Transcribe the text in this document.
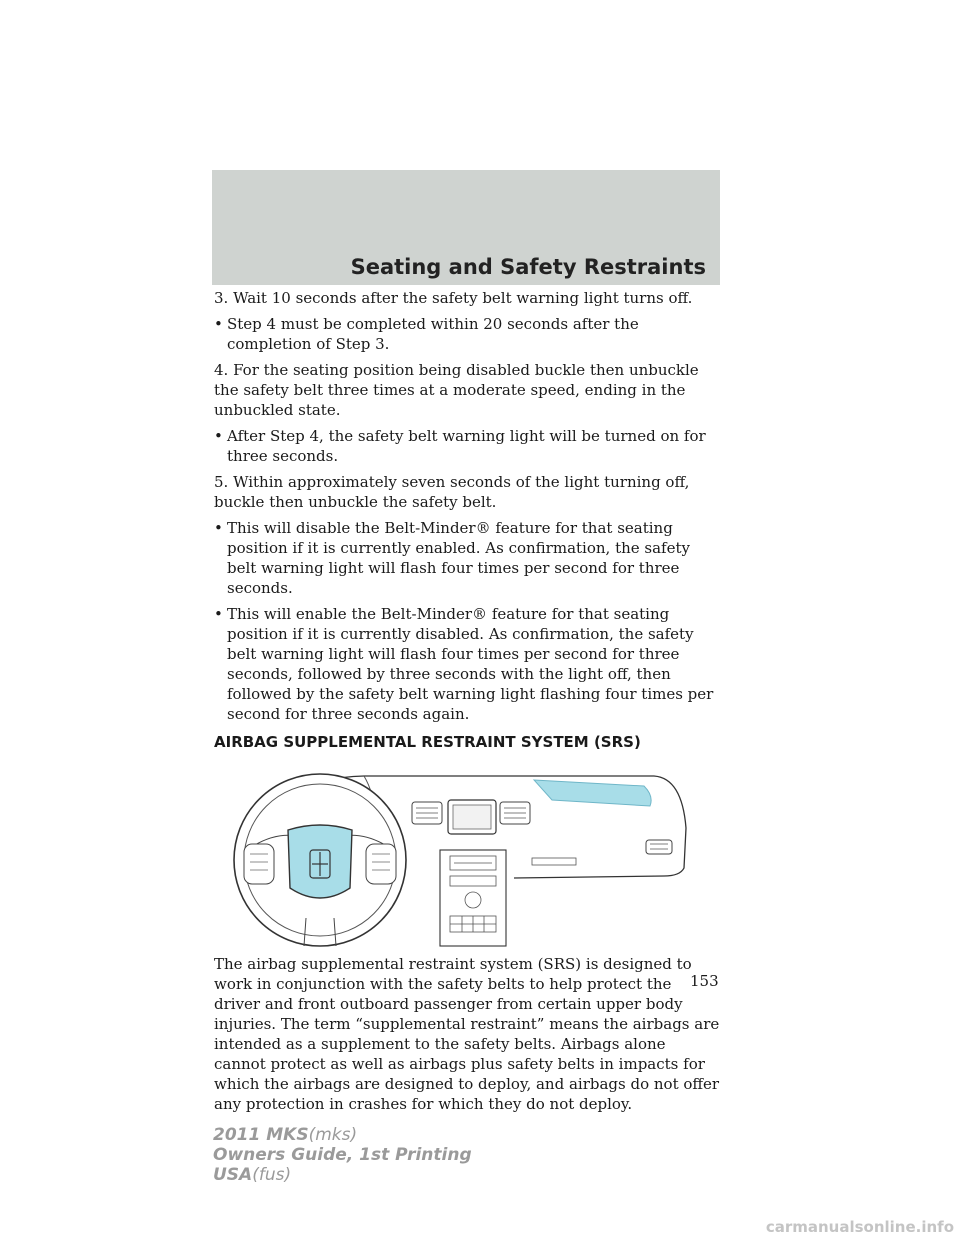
Seating and Safety Restraints

3. Wait 10 seconds after the safety belt warning light turns off.

• Step 4 must be completed within 20 seconds after the completion of Step 3.

4. For the seating position being disabled buckle then unbuckle the safety belt three times at a moderate speed, ending in the unbuckled state.

• After Step 4, the safety belt warning light will be turned on for three seconds.

5. Within approximately seven seconds of the light turning off, buckle then unbuckle the safety belt.

• This will disable the Belt-Minder® feature for that seating position if it is currently enabled. As confirmation, the safety belt warning light will flash four times per second for three seconds.
• This will enable the Belt-Minder® feature for that seating position if it is currently disabled. As confirmation, the safety belt warning light will flash four times per second for three seconds, followed by three seconds with the light off, then followed by the safety belt warning light flashing four times per second for three seconds again.
AIRBAG SUPPLEMENTAL RESTRAINT SYSTEM (SRS)

The airbag supplemental restraint system (SRS) is designed to work in conjunction with the safety belts to help protect the driver and front outboard passenger from certain upper body injuries. The term “supplemental restraint” means the airbags are intended as a supplement to the safety belts. Airbags alone cannot protect as well as airbags plus safety belts in impacts for which the airbags are designed to deploy, and airbags do not offer any protection in crashes for which they do not deploy.

153
2011 MKS(mks)
Owners Guide, 1st Printing
USA(fus)
carmanualsonline.info
